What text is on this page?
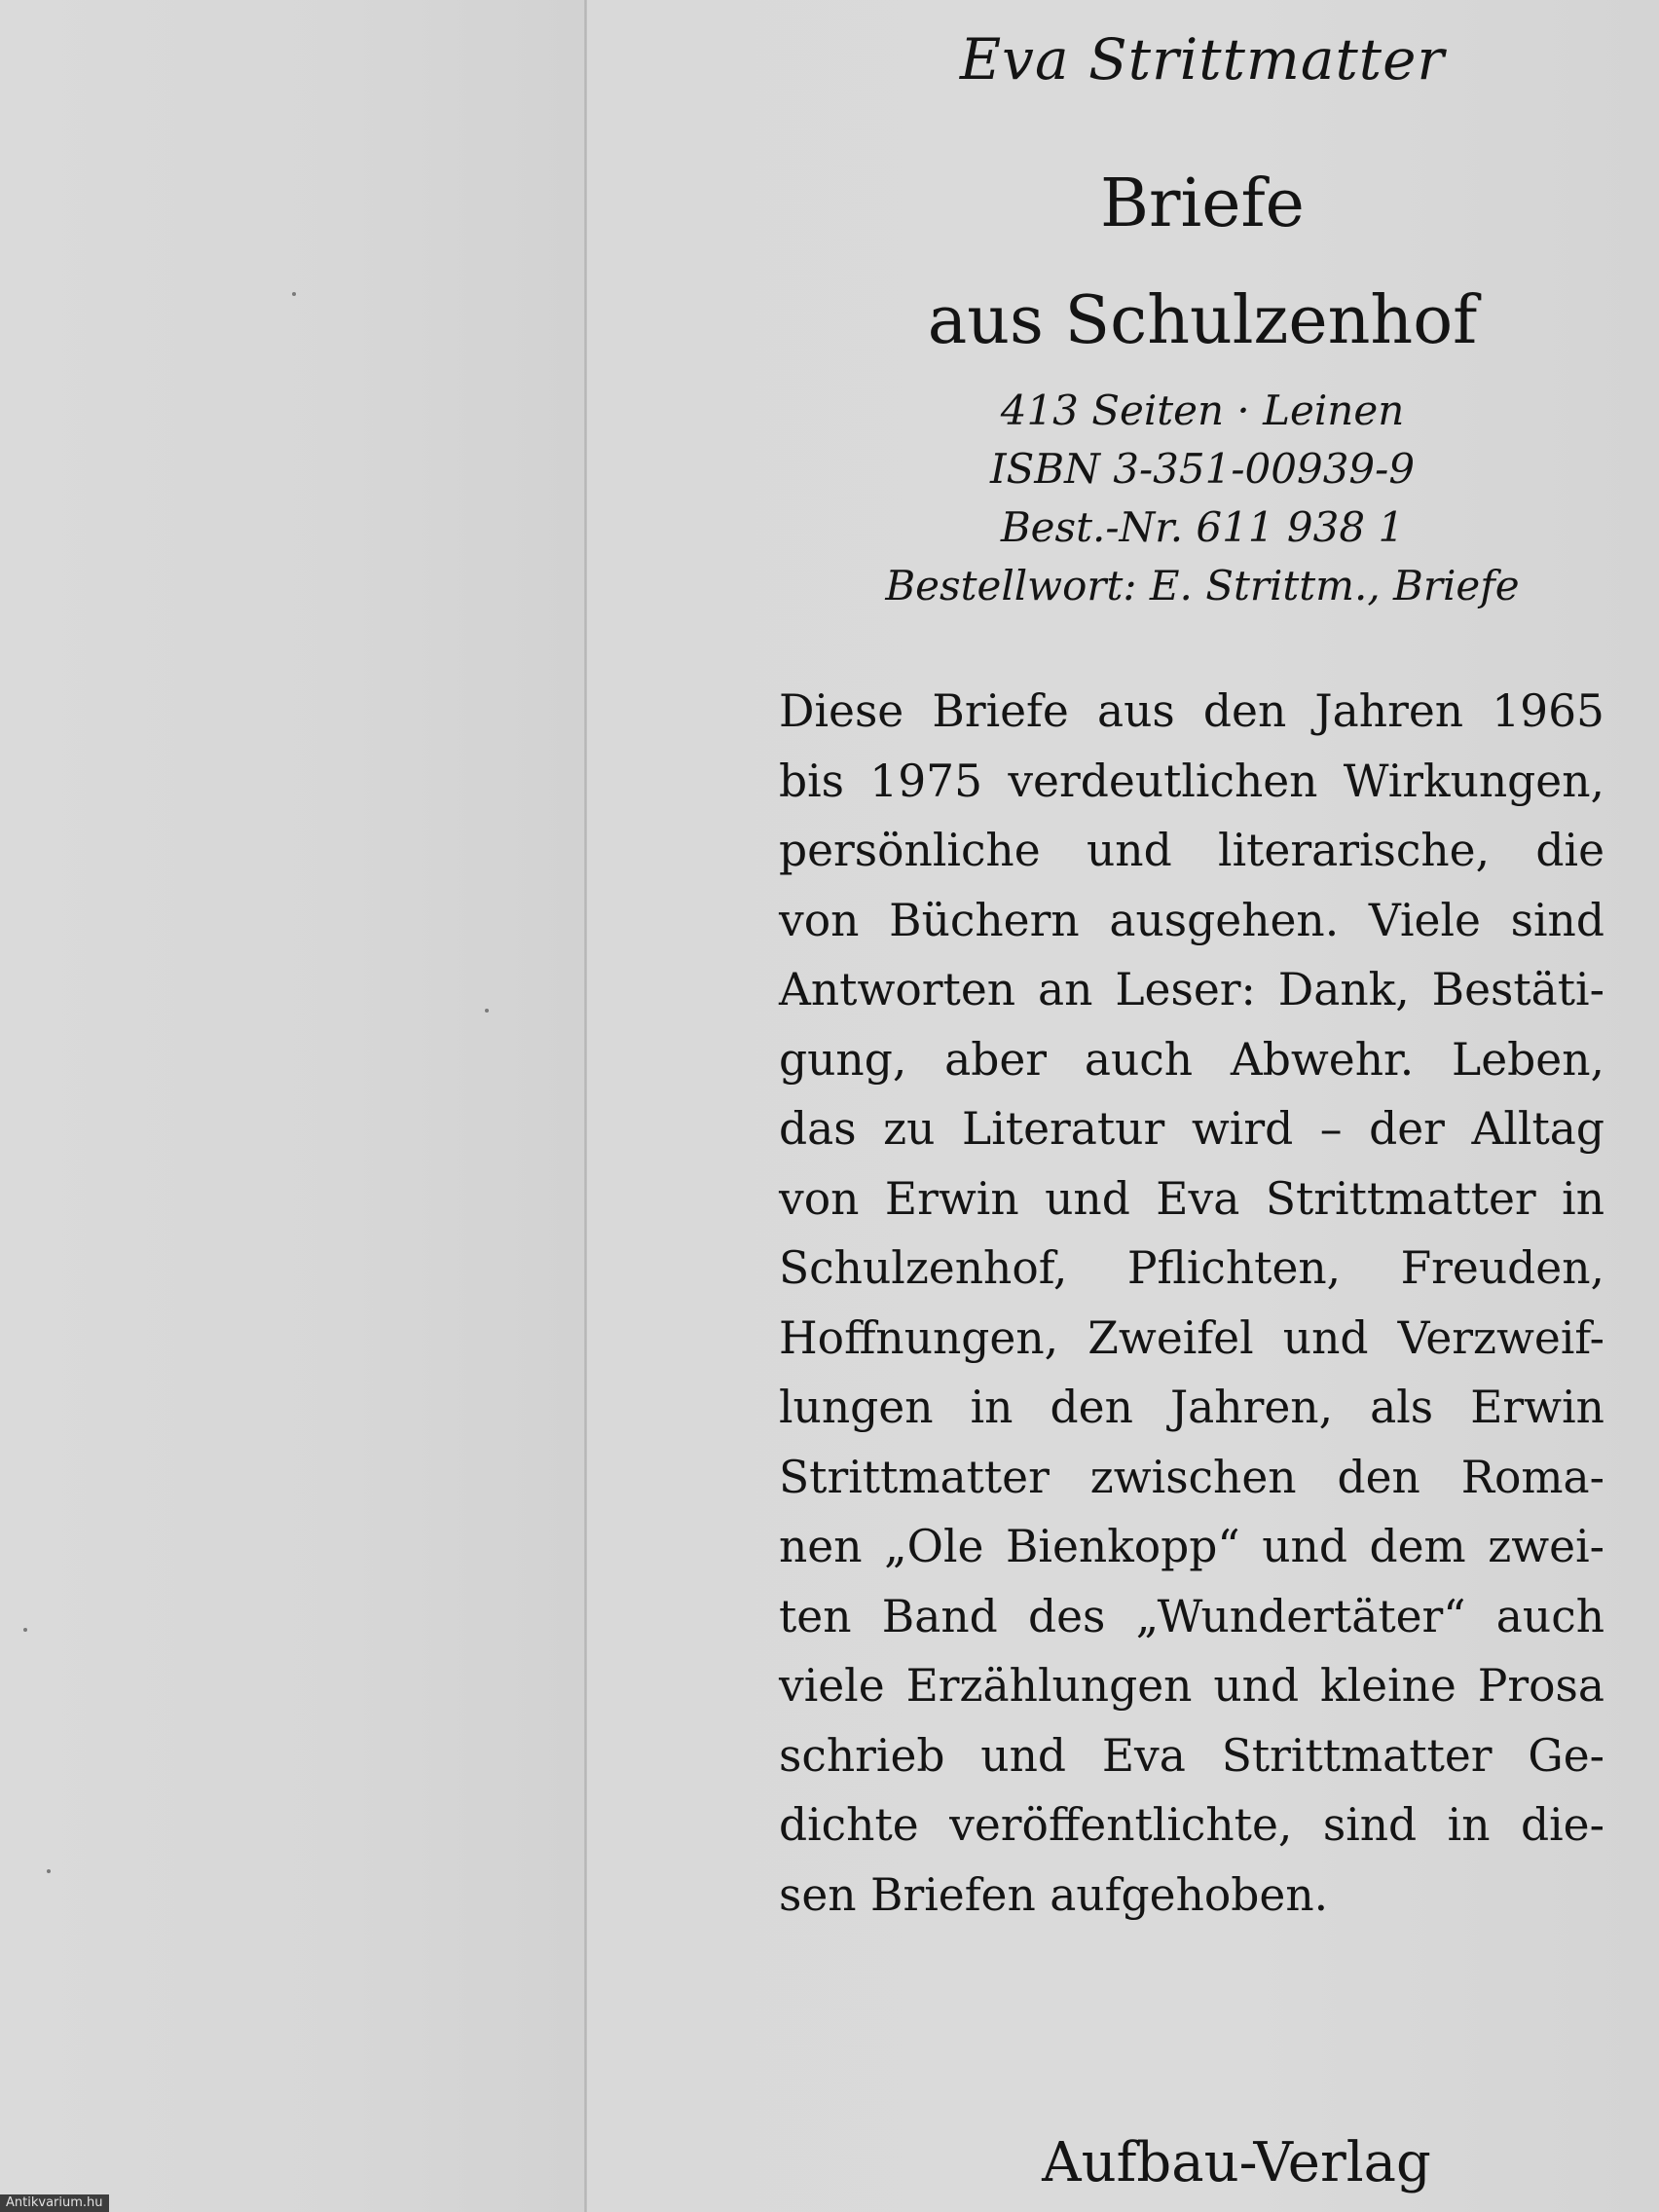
Eva Strittmatter
Briefe
aus Schulzenhof
413 Seiten · Leinen
ISBN 3-351-00939-9
Best.-Nr. 611 938 1
Bestellwort: E. Strittm., Briefe
Diese Briefe aus den Jahren 1965
bis 1975 verdeutlichen Wirkungen,
persönliche und literarische, die
von Büchern ausgehen. Viele sind
Antworten an Leser: Dank, Bestäti-
gung, aber auch Abwehr. Leben,
das zu Literatur wird – der Alltag
von Erwin und Eva Strittmatter in
Schulzenhof, Pflichten, Freuden,
Hoffnungen, Zweifel und Verzweif-
lungen in den Jahren, als Erwin
Strittmatter zwischen den Roma-
nen „Ole Bienkopp“ und dem zwei-
ten Band des „Wundertäter“ auch
viele Erzählungen und kleine Prosa
schrieb und Eva Strittmatter Ge-
dichte veröffentlichte, sind in die-
sen Briefen aufgehoben.
Aufbau-Verlag
Antikvarium.hu
